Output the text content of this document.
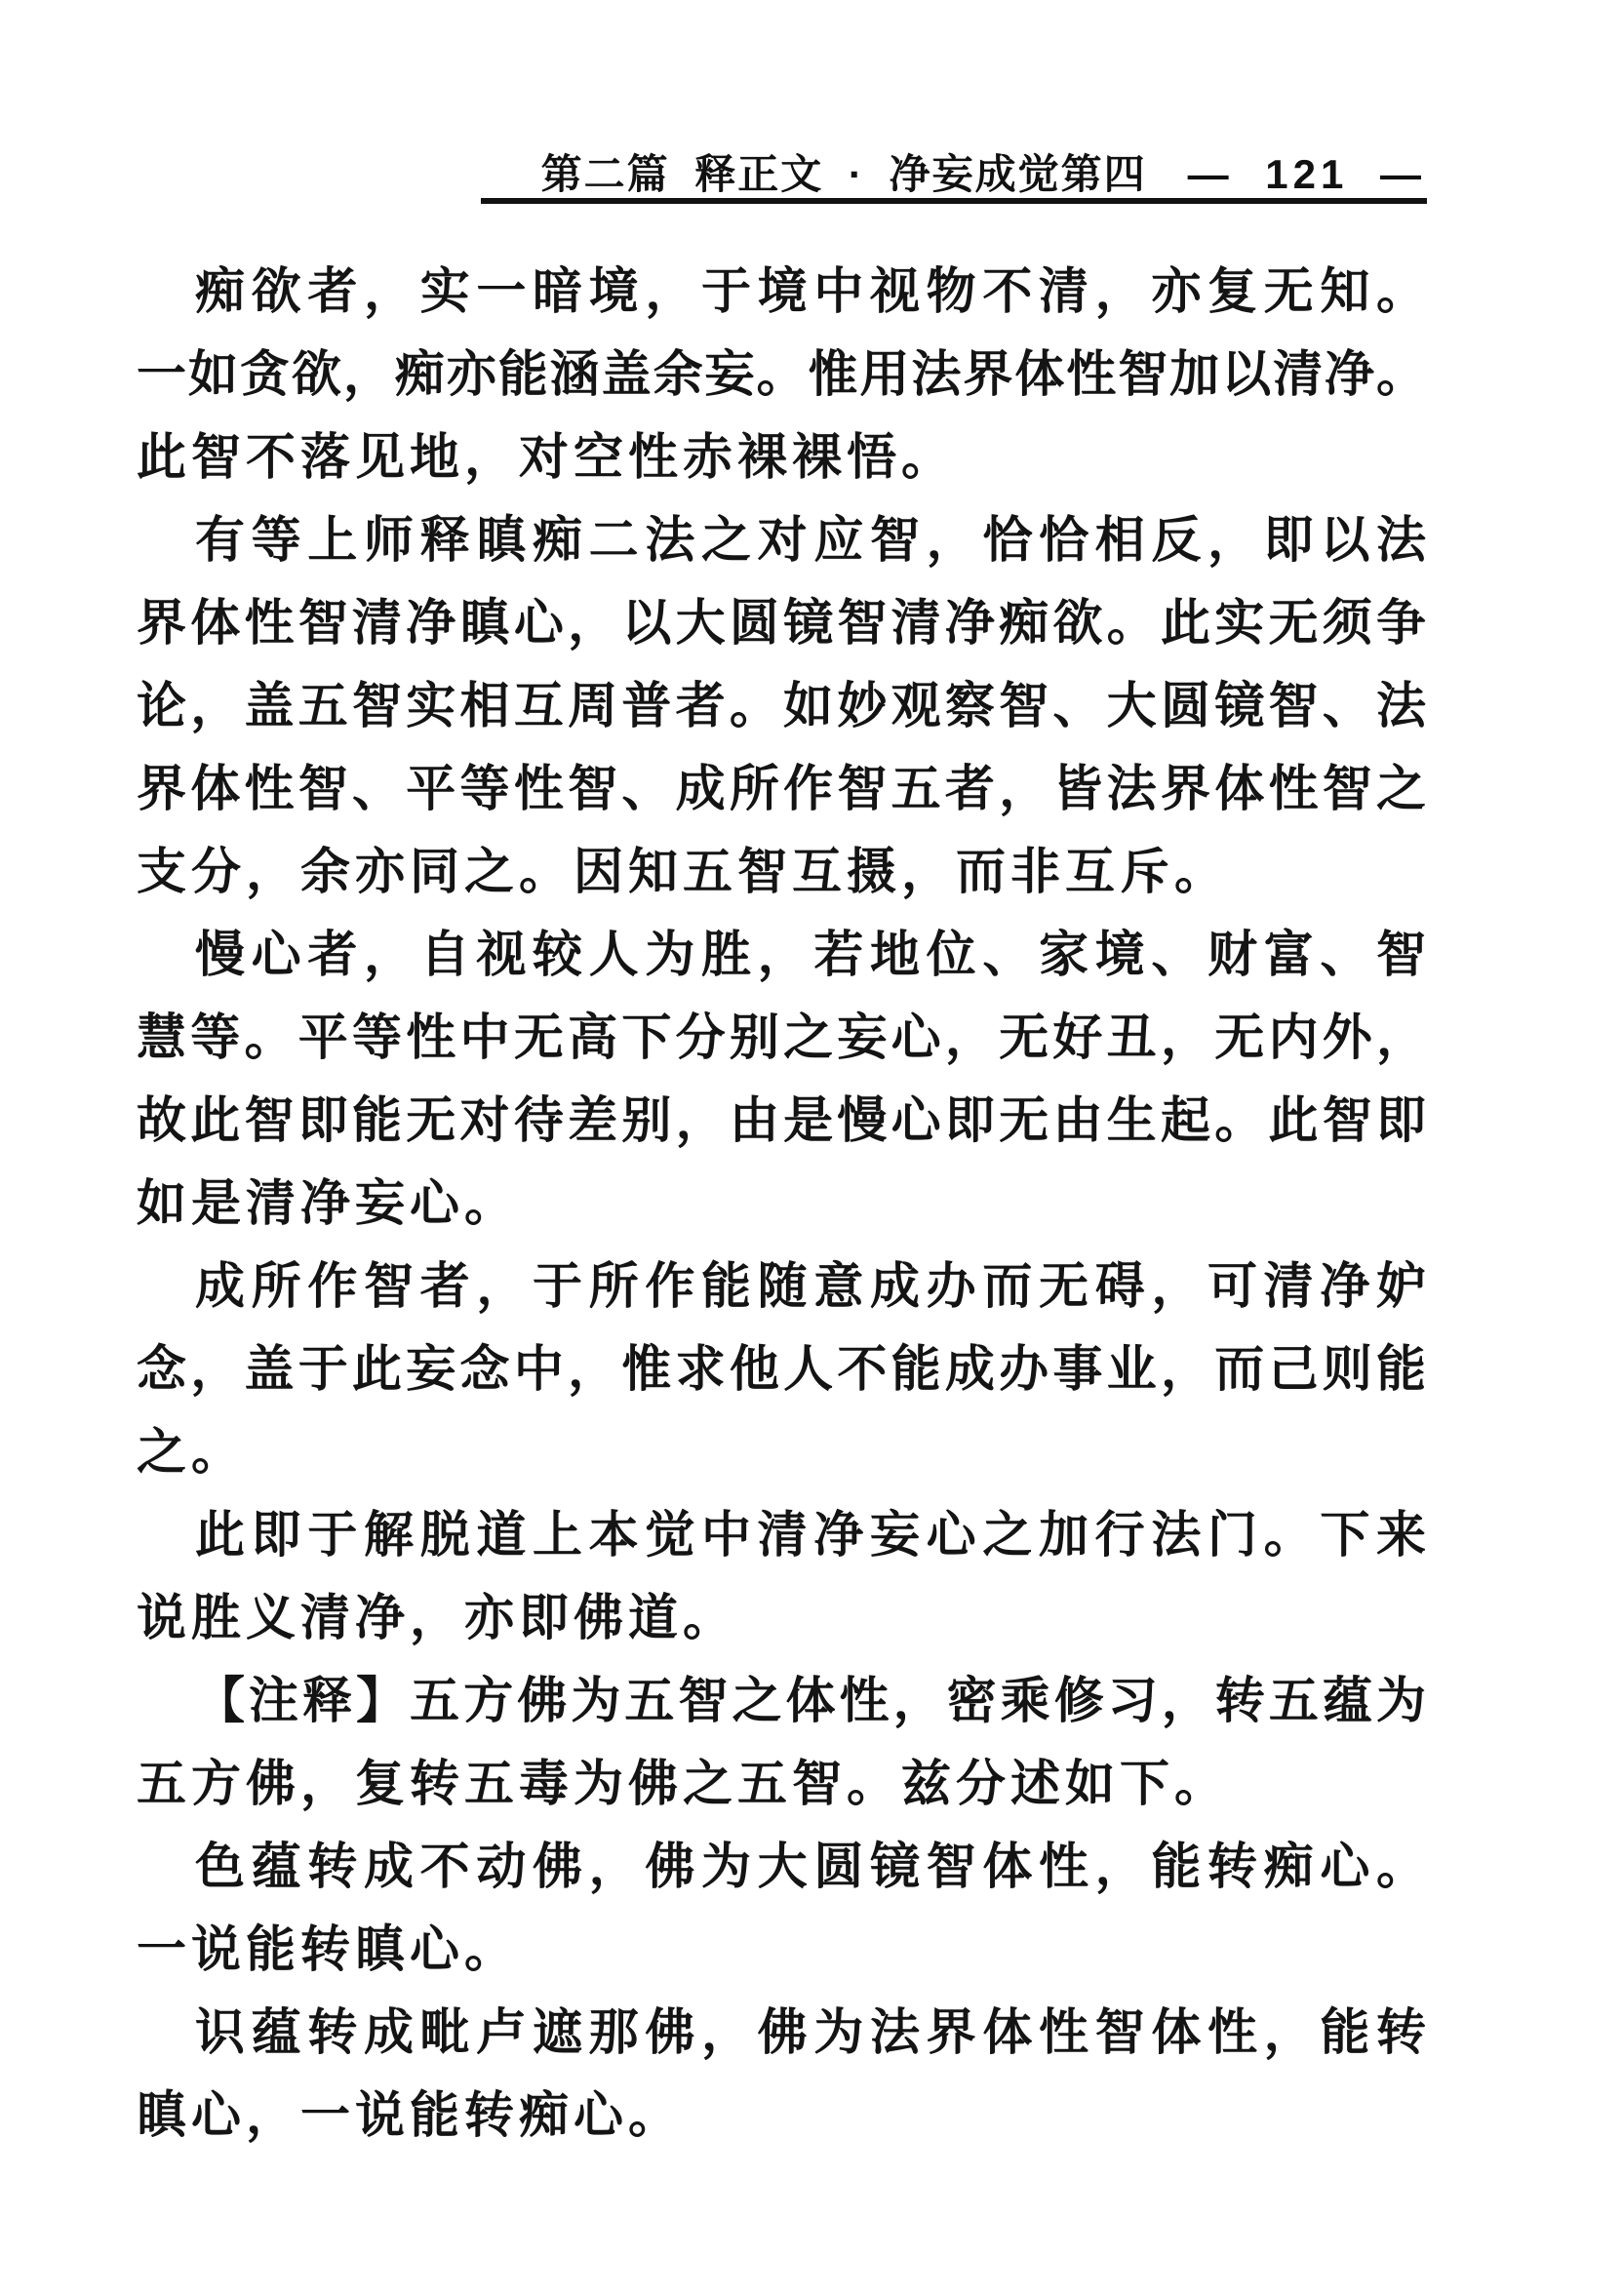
第二篇 释正文 · 净妄成觉第四 — 121 —
痴欲者，实一暗境，于境中视物不清，亦复无知。
一如贪欲，痴亦能涵盖余妄。惟用法界体性智加以清净。
此智不落见地，对空性赤裸裸悟。
有等上师释瞋痴二法之对应智，恰恰相反，即以法
界体性智清净瞋心，以大圆镜智清净痴欲。此实无须争
论，盖五智实相互周普者。如妙观察智、大圆镜智、法
界体性智、平等性智、成所作智五者，皆法界体性智之
支分，余亦同之。因知五智互摄，而非互斥。
慢心者，自视较人为胜，若地位、家境、财富、智
慧等。平等性中无高下分别之妄心，无好丑，无内外，
故此智即能无对待差别，由是慢心即无由生起。此智即
如是清净妄心。
成所作智者，于所作能随意成办而无碍，可清净妒
念，盖于此妄念中，惟求他人不能成办事业，而己则能
之。
此即于解脱道上本觉中清净妄心之加行法门。下来
说胜义清净，亦即佛道。
【注释】五方佛为五智之体性，密乘修习，转五蕴为
五方佛，复转五毒为佛之五智。兹分述如下。
色蕴转成不动佛，佛为大圆镜智体性，能转痴心。
一说能转瞋心。
识蕴转成毗卢遮那佛，佛为法界体性智体性，能转
瞋心，一说能转痴心。
